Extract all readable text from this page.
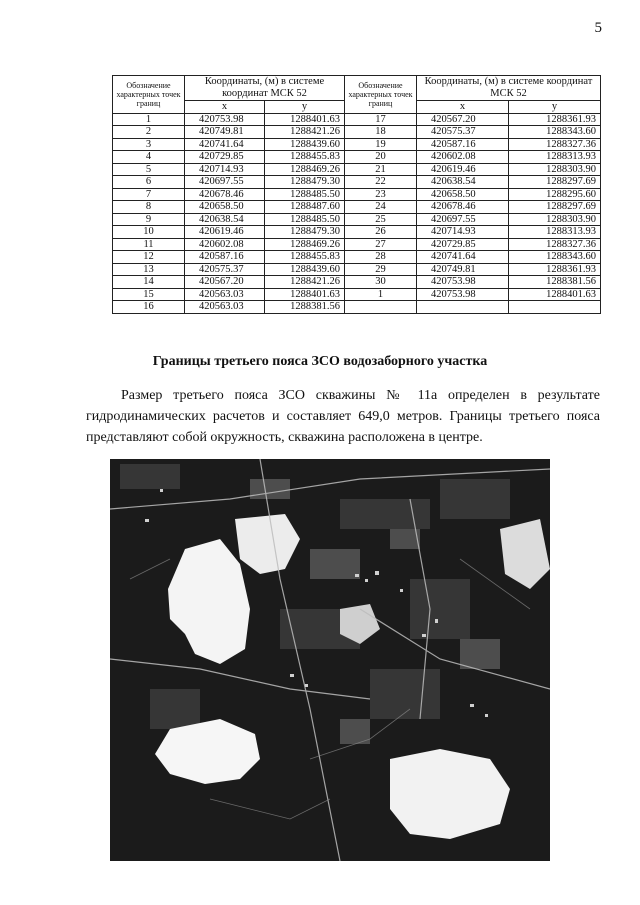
5
Обозначение характерных точек границ	Координаты, (м) в системе координат МСК 52		Обозначение характерных точек границ	Координаты, (м) в системе координат МСК 52	
	x	y		x	y
1	420753.98	1288401.63	17	420567.20	1288361.93
2	420749.81	1288421.26	18	420575.37	1288343.60
3	420741.64	1288439.60	19	420587.16	1288327.36
4	420729.85	1288455.83	20	420602.08	1288313.93
5	420714.93	1288469.26	21	420619.46	1288303.90
6	420697.55	1288479.30	22	420638.54	1288297.69
7	420678.46	1288485.50	23	420658.50	1288295.60
8	420658.50	1288487.60	24	420678.46	1288297.69
9	420638.54	1288485.50	25	420697.55	1288303.90
10	420619.46	1288479.30	26	420714.93	1288313.93
11	420602.08	1288469.26	27	420729.85	1288327.36
12	420587.16	1288455.83	28	420741.64	1288343.60
13	420575.37	1288439.60	29	420749.81	1288361.93
14	420567.20	1288421.26	30	420753.98	1288381.56
15	420563.03	1288401.63	1	420753.98	1288401.63
16	420563.03	1288381.56			
Границы третьего пояса ЗСО водозаборного участка

Размер третьего пояса ЗСО скважины № 11а определен в результате гидродинамических расчетов и составляет 649,0 метров. Границы третьего пояса представляют собой окружность, скважина расположена в центре.
